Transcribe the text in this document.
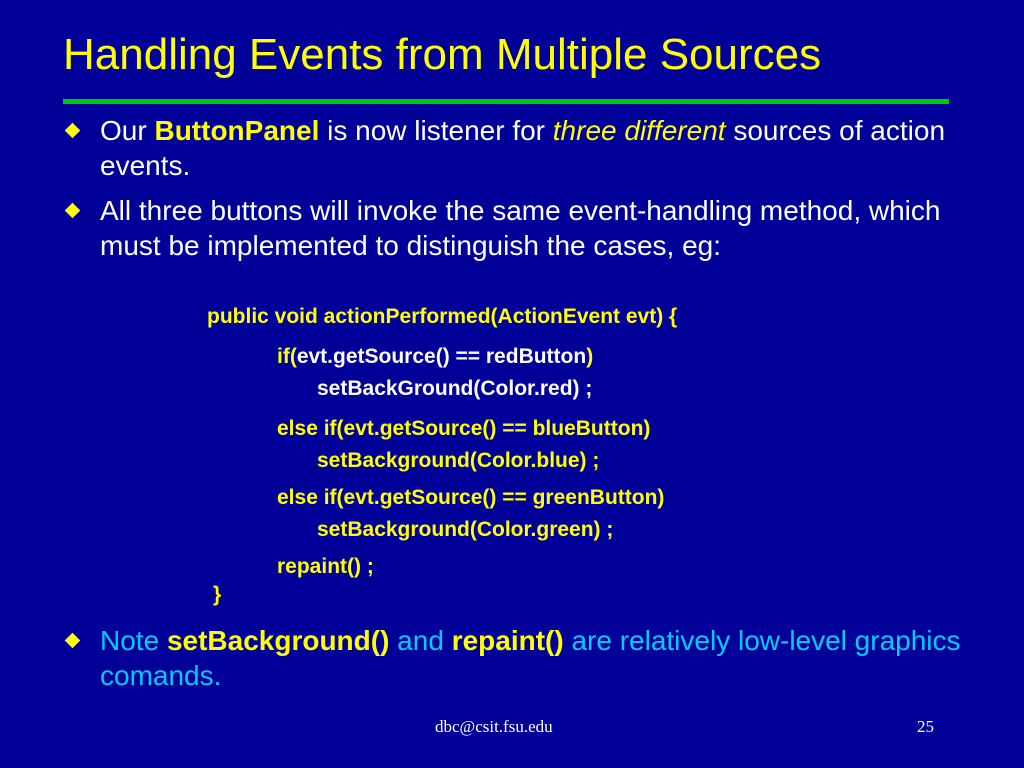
Handling Events from Multiple Sources
Our ButtonPanel is now listener for three different sources of action events.
All three buttons will invoke the same event-handling method, which must be implemented to distinguish the cases, eg:
public void actionPerformed(ActionEvent evt) {
if(evt.getSource() == redButton)
setBackGround(Color.red) ;
else if(evt.getSource() == blueButton)
setBackground(Color.blue) ;
else if(evt.getSource() == greenButton)
setBackground(Color.green) ;
repaint() ;
}
Note setBackground() and repaint() are relatively low-level graphics comands.
dbc@csit.fsu.edu	25
